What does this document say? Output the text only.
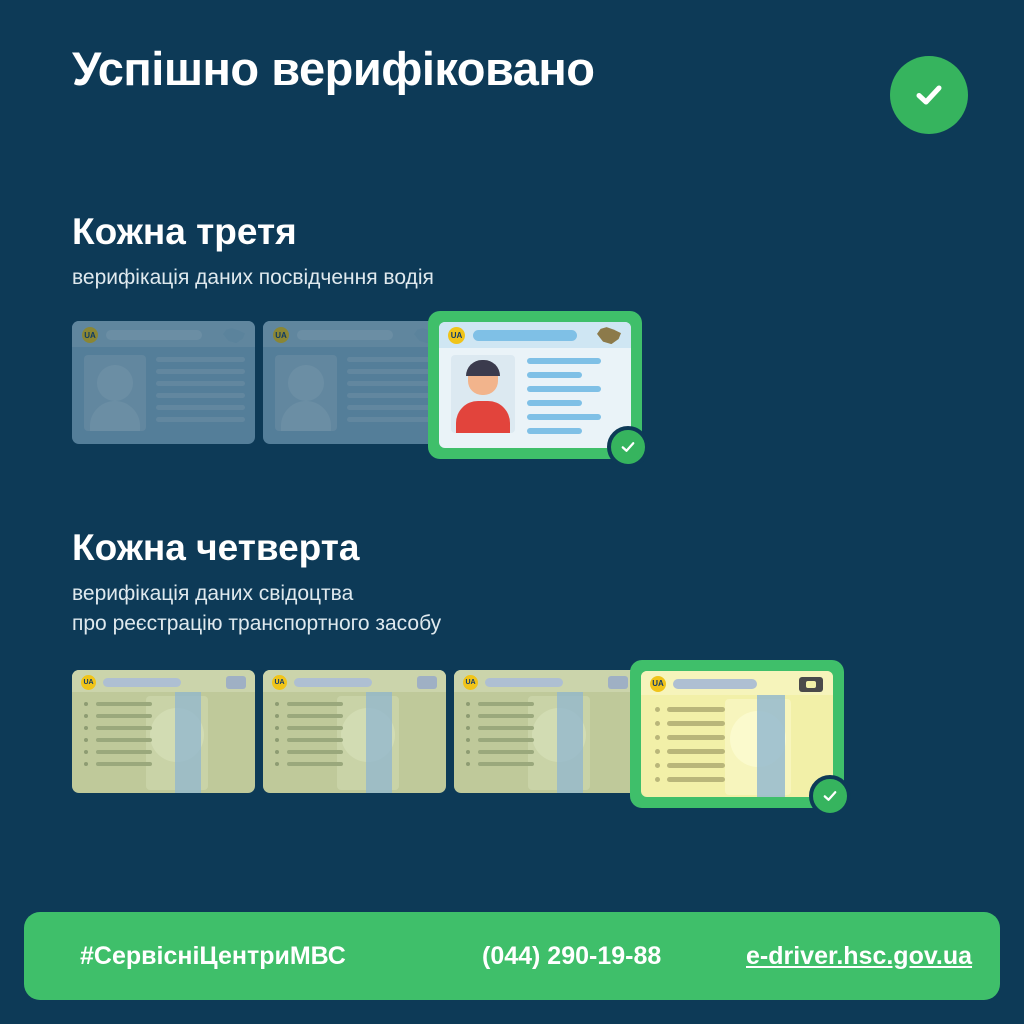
Успішно верифіковано
Кожна третя

верифікація даних посвідчення водія

UA	UA	UA
Кожна четверта

верифікація даних свідоцтва

про реєстрацію транспортного засобу

UA	UA	UA	UA
#СервісніЦентриМВС	(044) 290-19-88	e-driver.hsc.gov.ua
